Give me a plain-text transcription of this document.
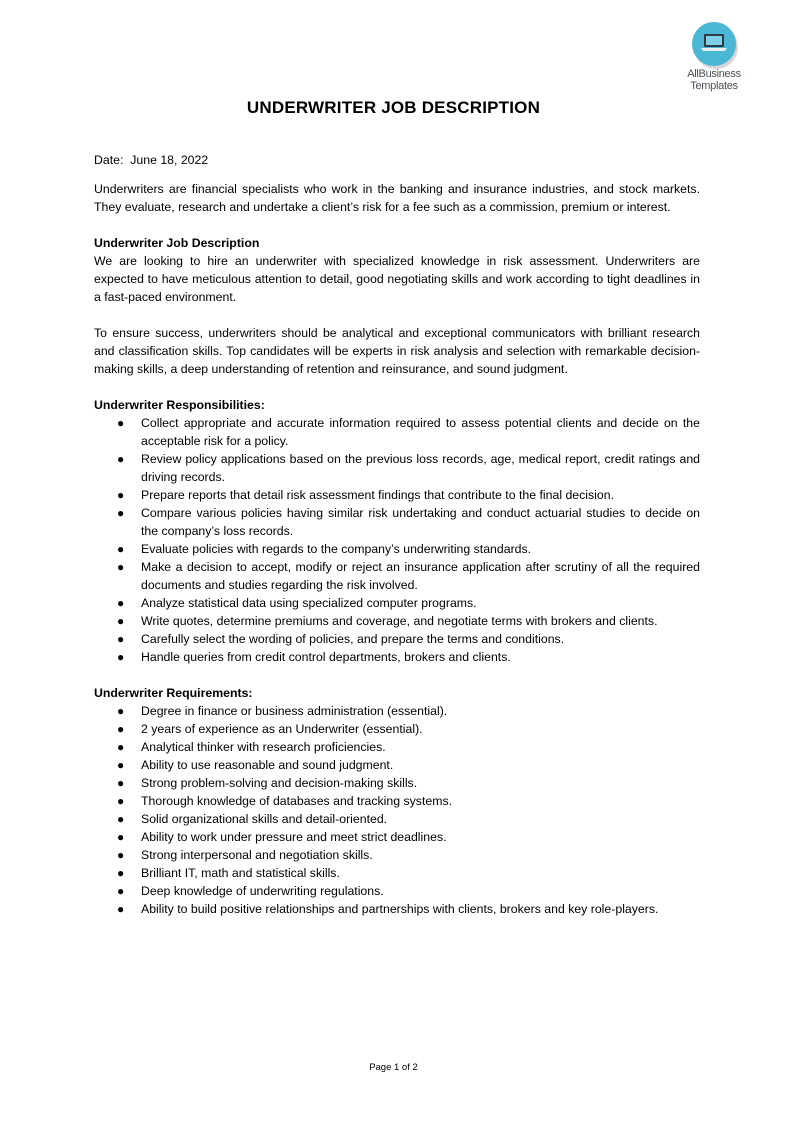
AllBusiness
Templates
UNDERWRITER JOB DESCRIPTION
Date: June 18, 2022

Underwriters are financial specialists who work in the banking and insurance industries, and stock markets. They evaluate, research and undertake a client’s risk for a fee such as a commission, premium or interest.

Underwriter Job Description

We are looking to hire an underwriter with specialized knowledge in risk assessment. Underwriters are expected to have meticulous attention to detail, good negotiating skills and work according to tight deadlines in a fast-paced environment.

To ensure success, underwriters should be analytical and exceptional communicators with brilliant research and classification skills. Top candidates will be experts in risk analysis and selection with remarkable decision-making skills, a deep understanding of retention and reinsurance, and sound judgment.

Underwriter Responsibilities:
● Collect appropriate and accurate information required to assess potential clients and decide on the acceptable risk for a policy.
● Review policy applications based on the previous loss records, age, medical report, credit ratings and driving records.
● Prepare reports that detail risk assessment findings that contribute to the final decision.
● Compare various policies having similar risk undertaking and conduct actuarial studies to decide on the company’s loss records.
● Evaluate policies with regards to the company’s underwriting standards.
● Make a decision to accept, modify or reject an insurance application after scrutiny of all the required documents and studies regarding the risk involved.
● Analyze statistical data using specialized computer programs.
● Write quotes, determine premiums and coverage, and negotiate terms with brokers and clients.
● Carefully select the wording of policies, and prepare the terms and conditions.
● Handle queries from credit control departments, brokers and clients.
Underwriter Requirements:
● Degree in finance or business administration (essential).
● 2 years of experience as an Underwriter (essential).
● Analytical thinker with research proficiencies.
● Ability to use reasonable and sound judgment.
● Strong problem-solving and decision-making skills.
● Thorough knowledge of databases and tracking systems.
● Solid organizational skills and detail-oriented.
● Ability to work under pressure and meet strict deadlines.
● Strong interpersonal and negotiation skills.
● Brilliant IT, math and statistical skills.
● Deep knowledge of underwriting regulations.
● Ability to build positive relationships and partnerships with clients, brokers and key role-players.
Page 1 of 2
